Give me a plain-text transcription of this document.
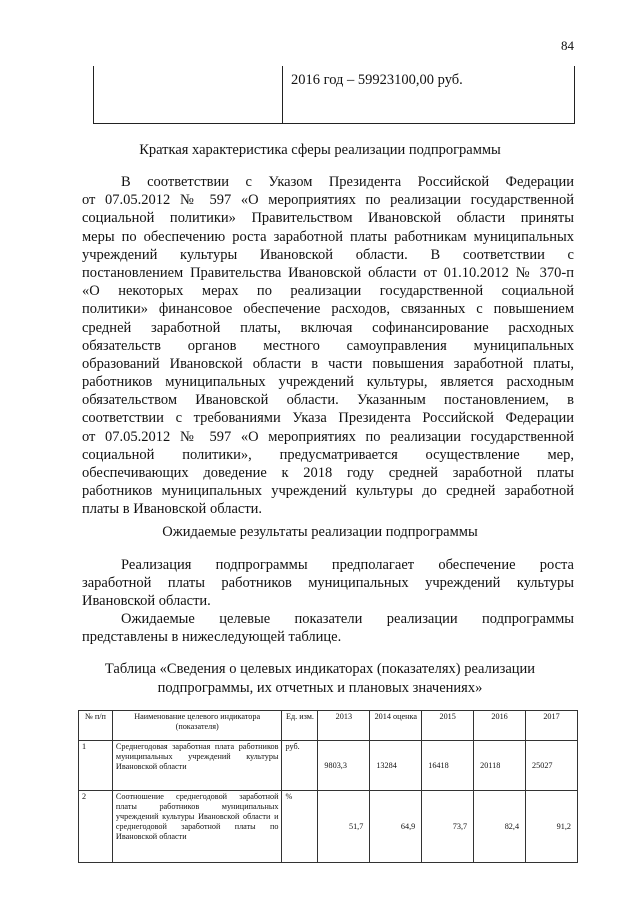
84
2016 год – 59923100,00 руб.
Краткая характеристика сферы реализации подпрограммы
В соответствии с Указом Президента Российской Федерации
от 07.05.2012 № 597 «О мероприятиях по реализации государственной
социальной политики» Правительством Ивановской области приняты
меры по обеспечению роста заработной платы работникам муниципальных
учреждений культуры Ивановской области. В соответствии с
постановлением Правительства Ивановской области от 01.10.2012 № 370-п
«О некоторых мерах по реализации государственной социальной
политики» финансовое обеспечение расходов, связанных с повышением
средней заработной платы, включая софинансирование расходных
обязательств органов местного самоуправления муниципальных
образований Ивановской области в части повышения заработной платы,
работников муниципальных учреждений культуры, является расходным
обязательством Ивановской области. Указанным постановлением, в
соответствии с требованиями Указа Президента Российской Федерации
от 07.05.2012 № 597 «О мероприятиях по реализации государственной
социальной политики», предусматривается осуществление мер,
обеспечивающих доведение к 2018 году средней заработной платы
работников муниципальных учреждений культуры до средней заработной
платы в Ивановской области.
Ожидаемые результаты реализации подпрограммы
Реализация подпрограммы предполагает обеспечение роста
заработной платы работников муниципальных учреждений культуры
Ивановской области.
Ожидаемые целевые показатели реализации подпрограммы
представлены в нижеследующей таблице.
Таблица «Сведения о целевых индикаторах (показателях) реализации
подпрограммы, их отчетных и плановых значениях»
№ п/п	Наименование целевого индикатора (показателя)	Ед. изм.	2013	2014 оценка	2015	2016	2017
1	Среднегодовая заработная плата работников муниципальных учреждений культуры Ивановской области	руб.	9803,3	13284	16418	20118	25027
2	Соотношение среднегодовой заработной платы работников муниципальных учреждений культуры Ивановской области и среднегодовой заработной платы по Ивановской области	%	51,7	64,9	73,7	82,4	91,2
